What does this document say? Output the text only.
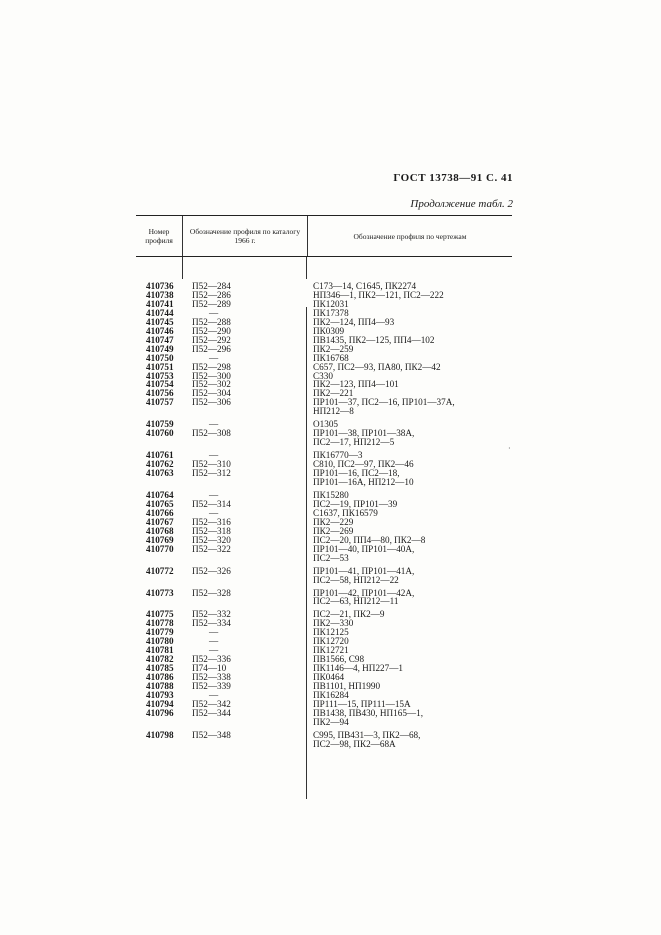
ГОСТ 13738—91 С. 41
Продолжение табл. 2
Номер профиля
Обозначение профиля по каталогу 1966 г.	Обозначение профиля по чертежам
410736	П52—284	С173—14, С1645, ПК2274
410738	П52—286	НП346—1, ПК2—121, ПС2—222
410741	П52—289	ПК12031
410744	—	ПК17378
410745	П52—288	ПК2—124, ПП4—93
410746	П52—290	ПК0309
410747	П52—292	ПВ1435, ПК2—125, ПП4—102
410749	П52—296	ПК2—259
410750	—	ПК16768
410751	П52—298	С657, ПС2—93, ПА80, ПК2—42
410753	П52—300	С330
410754	П52—302	ПК2—123, ПП4—101
410756	П52—304	ПК2—221
410757	П52—306	ПР101—37, ПС2—16, ПР101—37А,
НП212—8
410759	—	О1305
410760	П52—308	ПР101—38, ПР101—38А,
ПС2—17, НП212—5
410761	—	ПК16770—3
410762	П52—310	С810, ПС2—97, ПК2—46
410763	П52—312	ПР101—16, ПС2—18,
ПР101—16А, НП212—10
410764	—	ПК15280
410765	П52—314	ПС2—19, ПР101—39
410766	—	С1637, ПК16579
410767	П52—316	ПК2—229
410768	П52—318	ПК2—269
410769	П52—320	ПС2—20, ПП4—80, ПК2—8
410770	П52—322	ПР101—40, ПР101—40А,
ПС2—53
410772	П52—326	ПР101—41, ПР101—41А,
ПС2—58, НП212—22
410773	П52—328	ПР101—42, ПР101—42А,
ПС2—63, НП212—11
410775	П52—332	ПС2—21, ПК2—9
410778	П52—334	ПК2—330
410779	—	ПК12125
410780	—	ПК12720
410781	—	ПК12721
410782	П52—336	ПВ1566, С98
410785	П74—10	ПК1146—4, НП227—1
410786	П52—338	ПК0464
410788	П52—339	ПВ1101, НП1990
410793	—	ПК16284
410794	П52—342	ПР111—15, ПР111—15А
410796	П52—344	ПВ1438, ПВ430, НП165—1,
ПК2—94
410798	П52—348	С995, ПВ431—3, ПК2—68,
ПС2—98, ПК2—68А
·
